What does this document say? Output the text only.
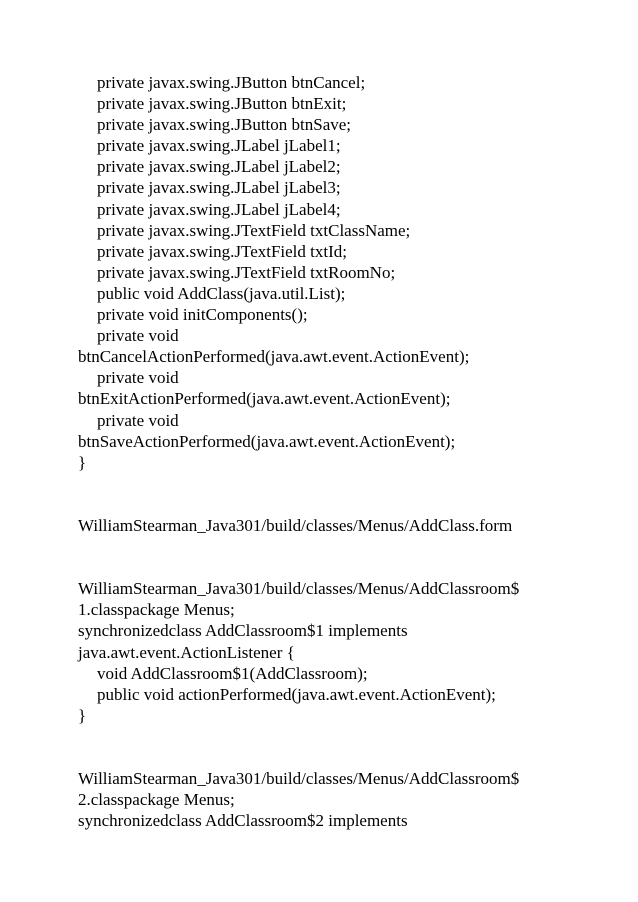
private javax.swing.JButton btnCancel;
private javax.swing.JButton btnExit;
private javax.swing.JButton btnSave;
private javax.swing.JLabel jLabel1;
private javax.swing.JLabel jLabel2;
private javax.swing.JLabel jLabel3;
private javax.swing.JLabel jLabel4;
private javax.swing.JTextField txtClassName;
private javax.swing.JTextField txtId;
private javax.swing.JTextField txtRoomNo;
public void AddClass(java.util.List);
private void initComponents();
private void
btnCancelActionPerformed(java.awt.event.ActionEvent);
private void
btnExitActionPerformed(java.awt.event.ActionEvent);
private void
btnSaveActionPerformed(java.awt.event.ActionEvent);
}
WilliamStearman_Java301/build/classes/Menus/AddClass.form
WilliamStearman_Java301/build/classes/Menus/AddClassroom$
1.classpackage Menus;
synchronizedclass AddClassroom$1 implements
java.awt.event.ActionListener {
void AddClassroom$1(AddClassroom);
public void actionPerformed(java.awt.event.ActionEvent);
}
WilliamStearman_Java301/build/classes/Menus/AddClassroom$
2.classpackage Menus;
synchronizedclass AddClassroom$2 implements
